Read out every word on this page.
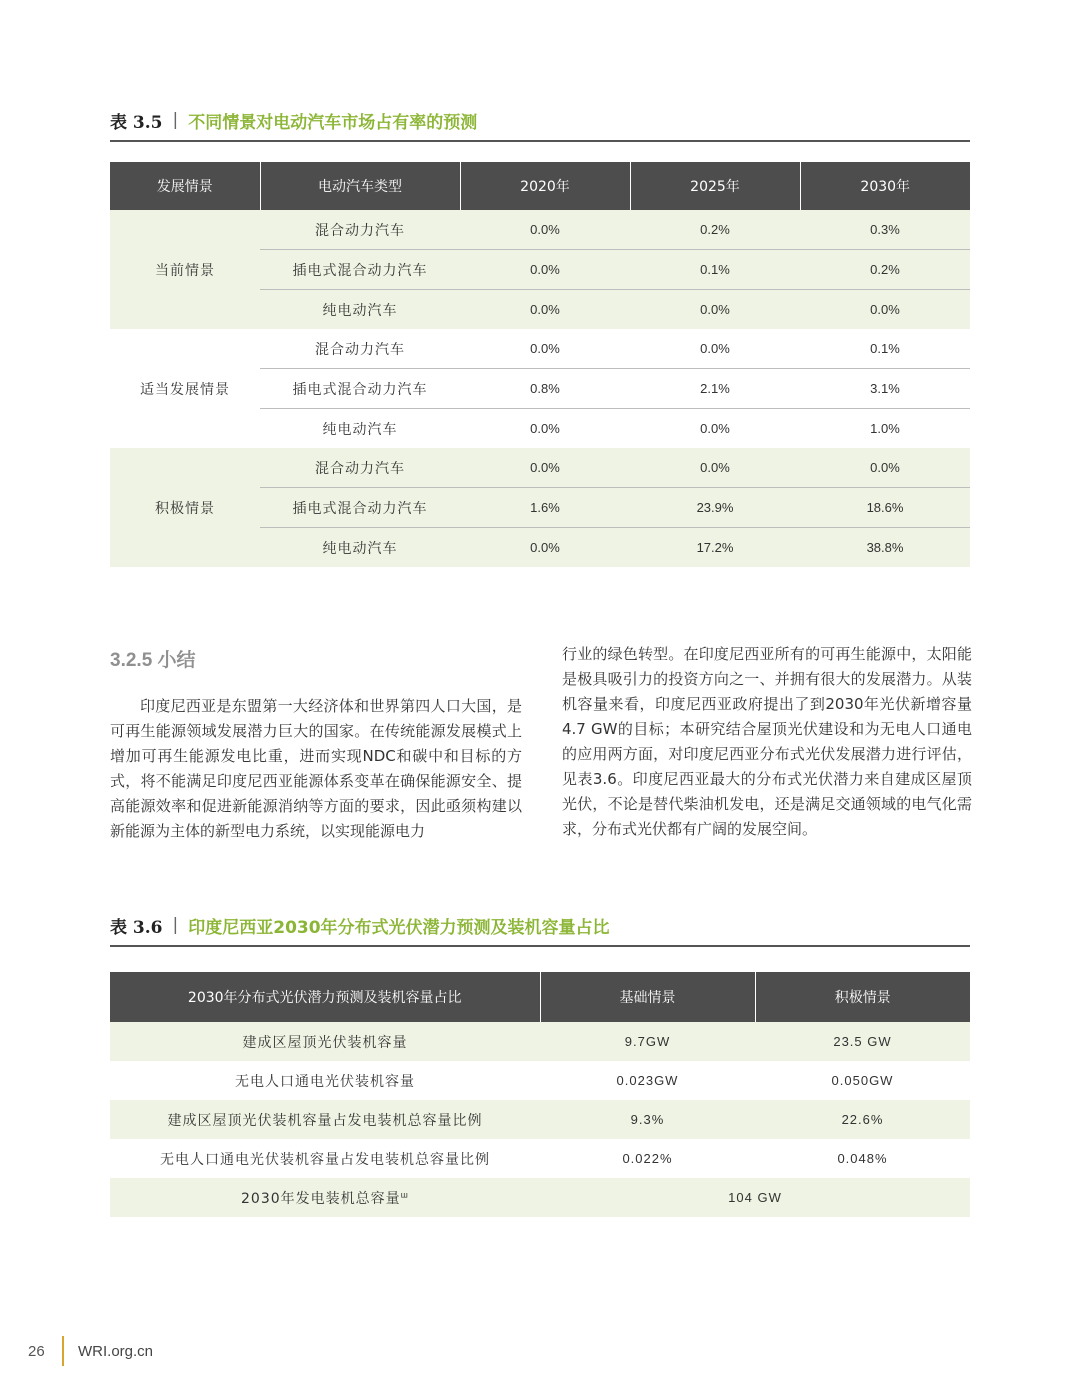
表 3.5 | 不同情景对电动汽车市场占有率的预测
发展情景	电动汽车类型	2020年	2025年	2030年
当前情景	混合动力汽车	0.0%	0.2%	0.3%
	插电式混合动力汽车	0.0%	0.1%	0.2%
	纯电动汽车	0.0%	0.0%	0.0%
适当发展情景	混合动力汽车	0.0%	0.0%	0.1%
	插电式混合动力汽车	0.8%	2.1%	3.1%
	纯电动汽车	0.0%	0.0%	1.0%
积极情景	混合动力汽车	0.0%	0.0%	0.0%
	插电式混合动力汽车	1.6%	23.9%	18.6%
	纯电动汽车	0.0%	17.2%	38.8%
3.2.5 小结
印度尼西亚是东盟第一大经济体和世界第四人口大国，是可再生能源领域发展潜力巨大的国家。在传统能源发展模式上增加可再生能源发电比重，进而实现NDC和碳中和目标的方式，将不能满足印度尼西亚能源体系变革在确保能源安全、提高能源效率和促进新能源消纳等方面的要求，因此亟须构建以新能源为主体的新型电力系统，以实现能源电力
行业的绿色转型。在印度尼西亚所有的可再生能源中，太阳能是极具吸引力的投资方向之一、并拥有很大的发展潜力。从装机容量来看，印度尼西亚政府提出了到2030年光伏新增容量4.7 GW的目标；本研究结合屋顶光伏建设和为无电人口通电的应用两方面，对印度尼西亚分布式光伏发展潜力进行评估，见表3.6。印度尼西亚最大的分布式光伏潜力来自建成区屋顶光伏，不论是替代柴油机发电，还是满足交通领域的电气化需求，分布式光伏都有广阔的发展空间。
表 3.6 | 印度尼西亚2030年分布式光伏潜力预测及装机容量占比
2030年分布式光伏潜力预测及装机容量占比	基础情景	积极情景
建成区屋顶光伏装机容量	9.7GW	23.5 GW
无电人口通电光伏装机容量	0.023GW	0.050GW
建成区屋顶光伏装机容量占发电装机总容量比例	9.3%	22.6%
无电人口通电光伏装机容量占发电装机总容量比例	0.022%	0.048%
2030年发电装机总容量$^ш$	104 GW	
26	WRI.org.cn
